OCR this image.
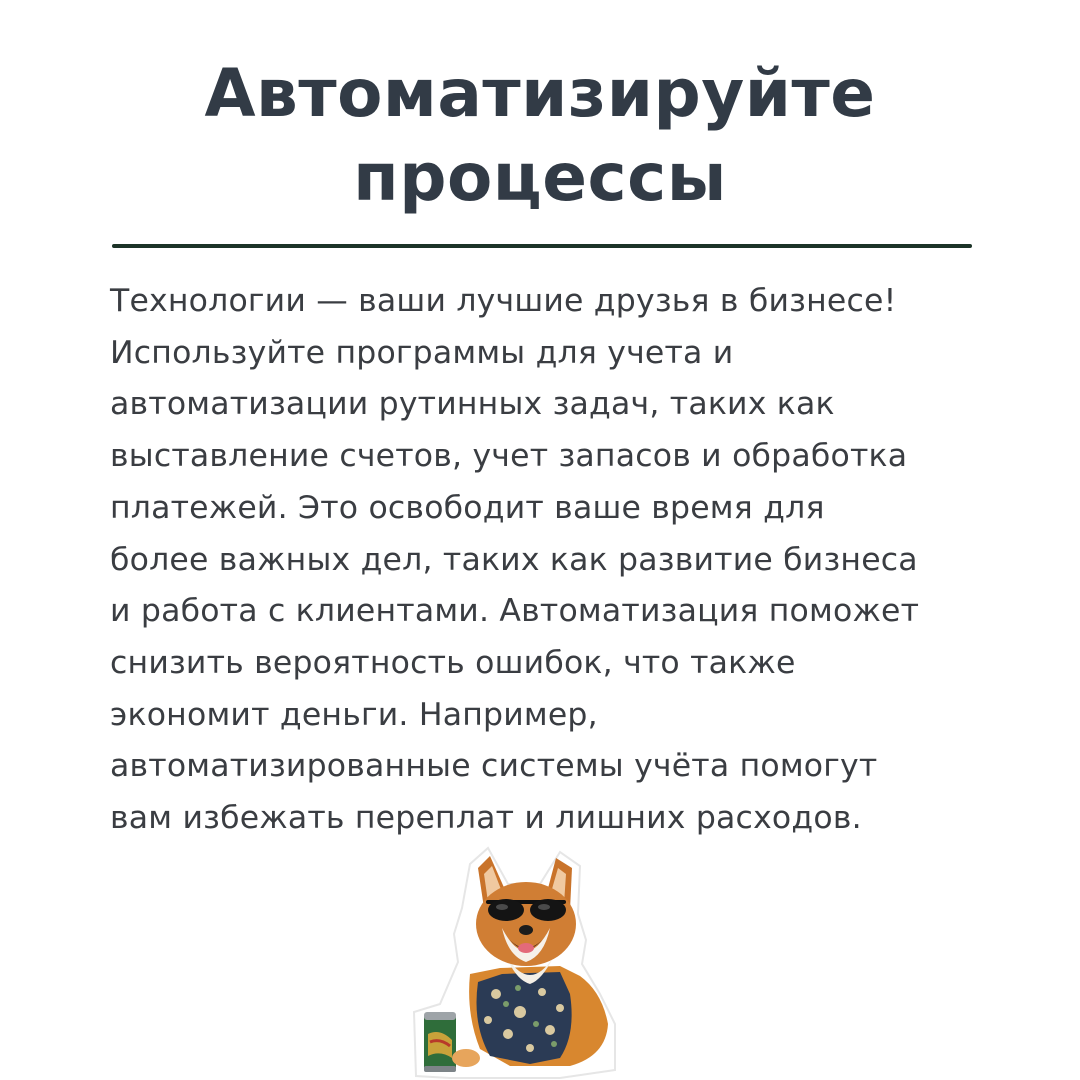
Автоматизируйте
процессы
Технологии — ваши лучшие друзья в бизнесе!
Используйте программы для учета и
автоматизации рутинных задач, таких как
выставление счетов, учет запасов и обработка
платежей. Это освободит ваше время для
более важных дел, таких как развитие бизнеса
и работа с клиентами. Автоматизация поможет
снизить вероятность ошибок, что также
экономит деньги. Например,
автоматизированные системы учёта помогут
вам избежать переплат и лишних расходов.
